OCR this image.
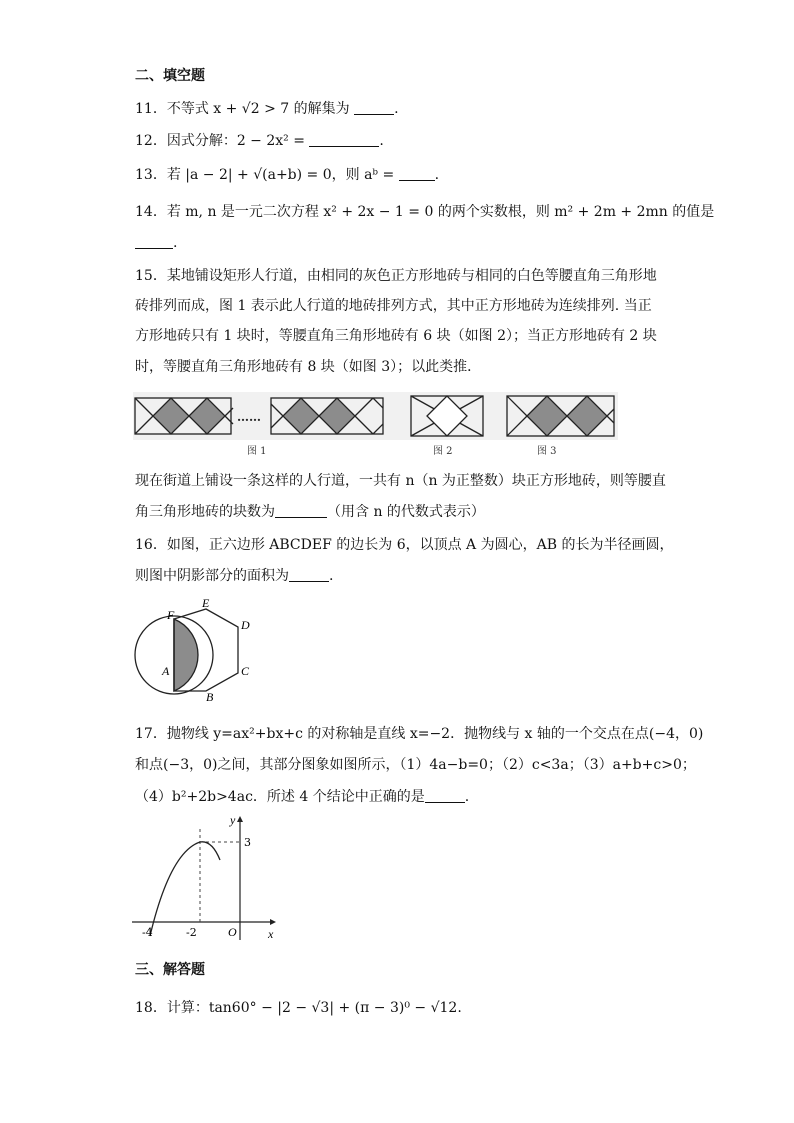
二、填空题
11．不等式 x + √2 > 7 的解集为	.
12．因式分解：2 − 2x² =	.
13．若 |a − 2| + √(a+b) = 0，则 aᵇ =	.
14．若 m, n 是一元二次方程 x² + 2x − 1 = 0 的两个实数根，则 m² + 2m + 2mn 的值是
.
15．某地铺设矩形人行道，由相同的灰色正方形地砖与相同的白色等腰直角三角形地
砖排列而成，图 1 表示此人行道的地砖排列方式，其中正方形地砖为连续排列. 当正
方形地砖只有 1 块时，等腰直角三角形地砖有 6 块（如图 2）；当正方形地砖有 2 块
时，等腰直角三角形地砖有 8 块（如图 3）；以此类推．
……
图 1	图 2	图 3
现在街道上铺设一条这样的人行道，一共有 n（n 为正整数）块正方形地砖，则等腰直
角三角形地砖的块数为	（用含 n 的代数式表示）
16．如图，正六边形 ABCDEF 的边长为 6，以顶点 A 为圆心，AB 的长为半径画圆，
则图中阴影部分的面积为	.
F
E
D
C
B
A
17．抛物线 y=ax²+bx+c 的对称轴是直线 x=−2．抛物线与 x 轴的一个交点在点(−4，0)
和点(−3，0)之间，其部分图象如图所示，（1）4a−b=0；（2）c<3a；（3）a+b+c>0；
（4）b²+2b>4ac．所述 4 个结论中正确的是	.
y
x
3
-4	-2	O
三、解答题
18．计算：tan60° − |2 − √3| + (π − 3)⁰ − √12.
